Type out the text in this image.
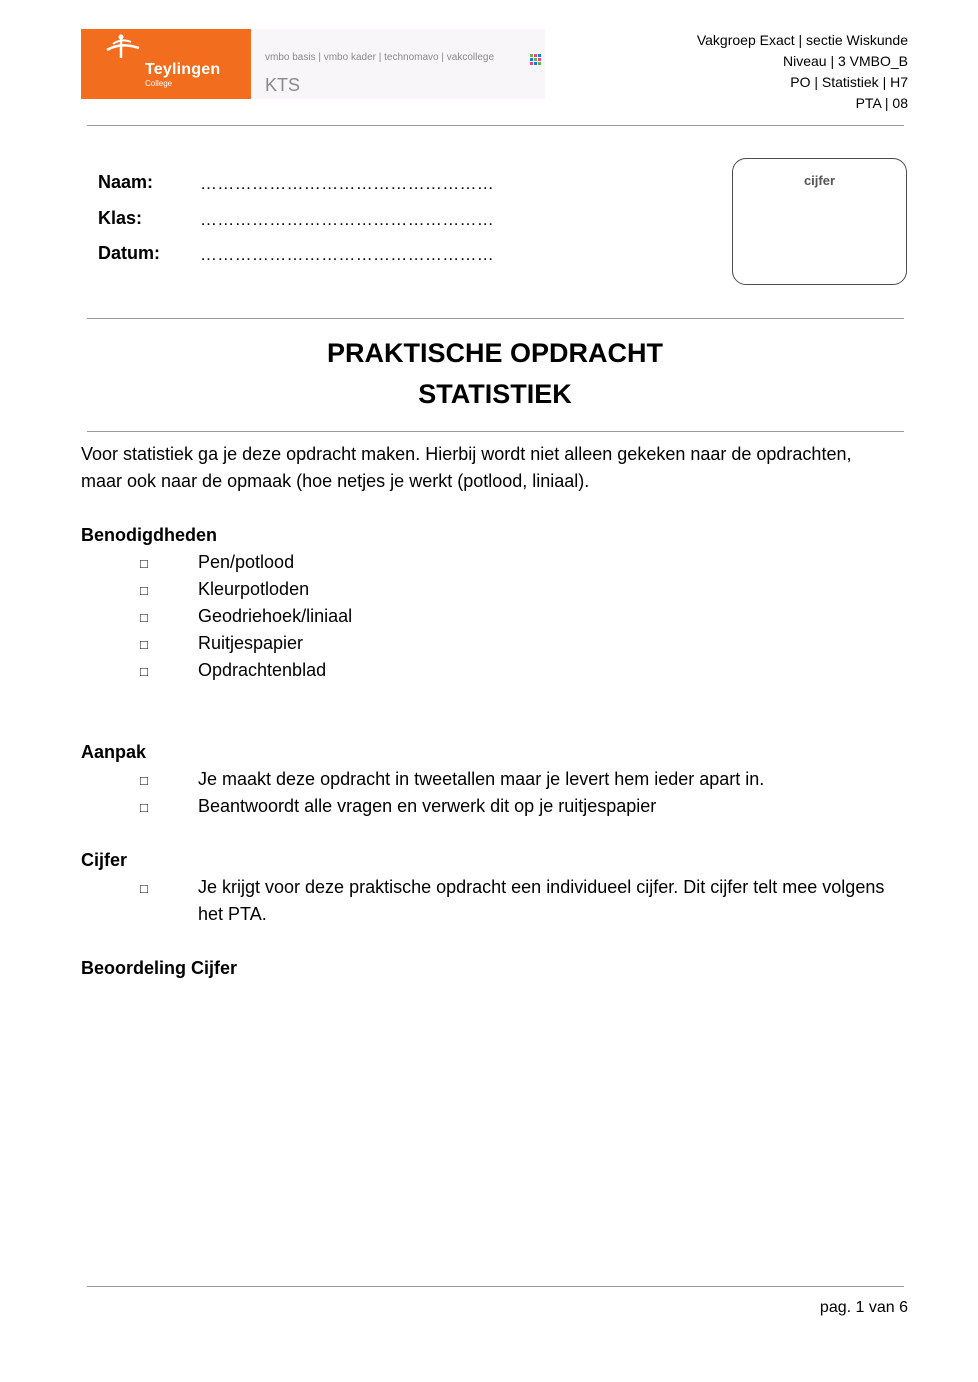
Teylingen
College
vmbo basis | vmbo kader | technomavo | vakcollege
KTS
Vakgroep Exact | sectie Wiskunde
Niveau | 3 VMBO_B
PO | Statistiek | H7
PTA | 08
Naam:	……………………………………………
Klas:	……………………………………………
Datum: ……………………………………………
cijfer
PRAKTISCHE OPDRACHT
STATISTIEK
Voor statistiek ga je deze opdracht maken. Hierbij wordt niet alleen gekeken naar de opdrachten, maar ook naar de opmaak (hoe netjes je werkt (potlood, liniaal).
Benodigdheden
□	Pen/potlood
□	Kleurpotloden
□	Geodriehoek/liniaal
□	Ruitjespapier
□	Opdrachtenblad
Aanpak
□	Je maakt deze opdracht in tweetallen maar je levert hem ieder apart in.
□	Beantwoordt alle vragen en verwerk dit op je ruitjespapier
Cijfer
□	Je krijgt voor deze praktische opdracht een individueel cijfer. Dit cijfer telt mee volgens het PTA.
Beoordeling Cijfer
pag. 1 van 6
